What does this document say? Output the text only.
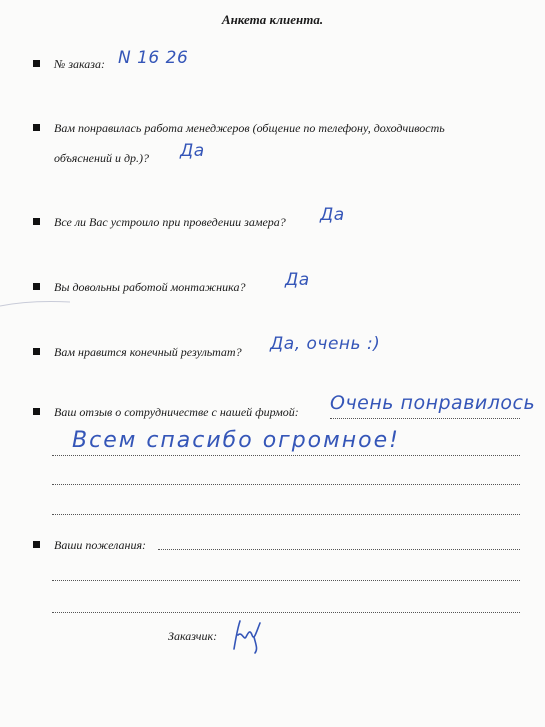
Анкета клиента.
№ заказа: N 16 26
Вам понравилась работа менеджеров (общение по телефону, доходчивость
объяснений и др.)?	Да
Все ли Вас устроило при проведении замера?	Да
Вы довольны работой монтажника?	Да
Вам нравится конечный результат?	Да, очень :)
Ваш отзыв о сотрудничестве с нашей фирмой:	Очень понравилось
Всем спасибо огромное!
Ваши пожелания:
Заказчик:
